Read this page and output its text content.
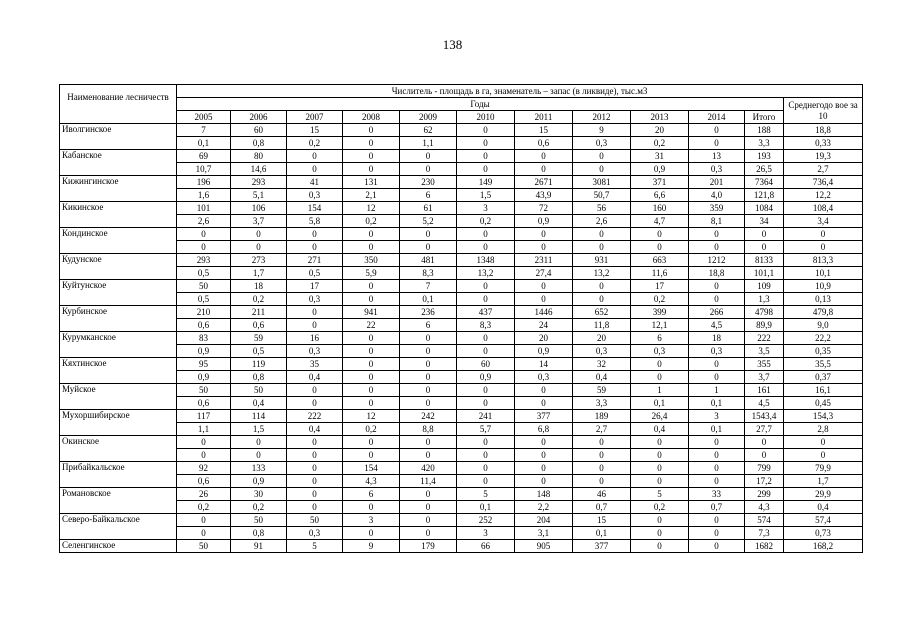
138
Наименование лесничеств	Числитель - площадь в га, знаменатель – запас (в ликвиде), тыс.м3											
	Годы											Среднегодо вое за 10
	2005	2006	2007	2008	2009	2010	2011	2012	2013	2014	Итого	
Иволгинское	7	60	15	0	62	0	15	9	20	0	188	18,8
	0,1	0,8	0,2	0	1,1	0	0,6	0,3	0,2	0	3,3	0,33
Кабанское	69	80	0	0	0	0	0	0	31	13	193	19,3
	10,7	14,6	0	0	0	0	0	0	0,9	0,3	26,5	2,7
Кижингинское	196	293	41	131	230	149	2671	3081	371	201	7364	736,4
	1,6	5,1	0,3	2,1	6	1,5	43,9	50,7	6,6	4,0	121,8	12,2
Кикинское	101	106	154	12	61	3	72	56	160	359	1084	108,4
	2,6	3,7	5,8	0,2	5,2	0,2	0,9	2,6	4,7	8,1	34	3,4
Кондинское	0	0	0	0	0	0	0	0	0	0	0	0
	0	0	0	0	0	0	0	0	0	0	0	0
Кудунское	293	273	271	350	481	1348	2311	931	663	1212	8133	813,3
	0,5	1,7	0,5	5,9	8,3	13,2	27,4	13,2	11,6	18,8	101,1	10,1
Куйтунское	50	18	17	0	7	0	0	0	17	0	109	10,9
	0,5	0,2	0,3	0	0,1	0	0	0	0,2	0	1,3	0,13
Курбинское	210	211	0	941	236	437	1446	652	399	266	4798	479,8
	0,6	0,6	0	22	6	8,3	24	11,8	12,1	4,5	89,9	9,0
Курумканское	83	59	16	0	0	0	20	20	6	18	222	22,2
	0,9	0,5	0,3	0	0	0	0,9	0,3	0,3	0,3	3,5	0,35
Кяхтинское	95	119	35	0	0	60	14	32	0	0	355	35,5
	0,9	0,8	0,4	0	0	0,9	0,3	0,4	0	0	3,7	0,37
Муйское	50	50	0	0	0	0	0	59	1	1	161	16,1
	0,6	0,4	0	0	0	0	0	3,3	0,1	0,1	4,5	0,45
Мухоршибирское	117	114	222	12	242	241	377	189	26,4	3	1543,4	154,3
	1,1	1,5	0,4	0,2	8,8	5,7	6,8	2,7	0,4	0,1	27,7	2,8
Окинское	0	0	0	0	0	0	0	0	0	0	0	0
	0	0	0	0	0	0	0	0	0	0	0	0
Прибайкальское	92	133	0	154	420	0	0	0	0	0	799	79,9
	0,6	0,9	0	4,3	11,4	0	0	0	0	0	17,2	1,7
Романовское	26	30	0	6	0	5	148	46	5	33	299	29,9
	0,2	0,2	0	0	0	0,1	2,2	0,7	0,2	0,7	4,3	0,4
Северо-Байкальское	0	50	50	3	0	252	204	15	0	0	574	57,4
	0	0,8	0,3	0	0	3	3,1	0,1	0	0	7,3	0,73
Селенгинское	50	91	5	9	179	66	905	377	0	0	1682	168,2
